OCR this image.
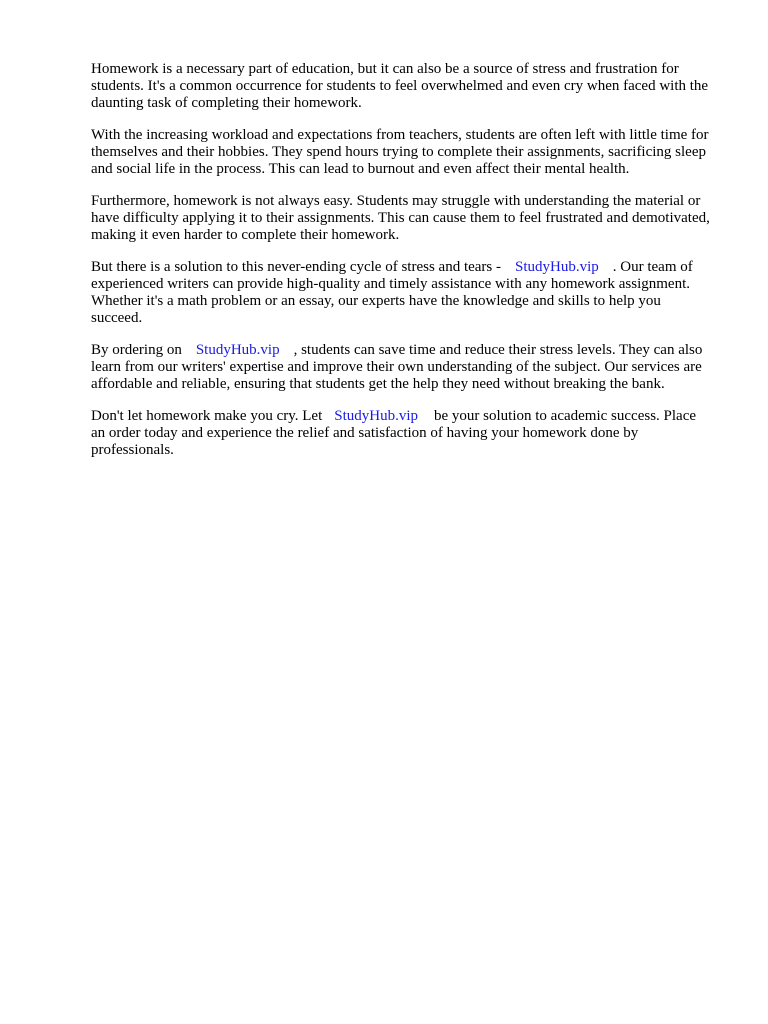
Homework is a necessary part of education, but it can also be a source of stress and frustration for students. It's a common occurrence for students to feel overwhelmed and even cry when faced with the daunting task of completing their homework.

With the increasing workload and expectations from teachers, students are often left with little time for themselves and their hobbies. They spend hours trying to complete their assignments, sacrificing sleep and social life in the process. This can lead to burnout and even affect their mental health.

Furthermore, homework is not always easy. Students may struggle with understanding the material or have difficulty applying it to their assignments. This can cause them to feel frustrated and demotivated, making it even harder to complete their homework.

But there is a solution to this never-ending cycle of stress and tears - StudyHub.vip . Our team of experienced writers can provide high-quality and timely assistance with any homework assignment. Whether it's a math problem or an essay, our experts have the knowledge and skills to help you succeed.

By ordering on StudyHub.vip , students can save time and reduce their stress levels. They can also learn from our writers' expertise and improve their own understanding of the subject. Our services are affordable and reliable, ensuring that students get the help they need without breaking the bank.

Don't let homework make you cry. Let StudyHub.vip be your solution to academic success. Place an order today and experience the relief and satisfaction of having your homework done by professionals.
